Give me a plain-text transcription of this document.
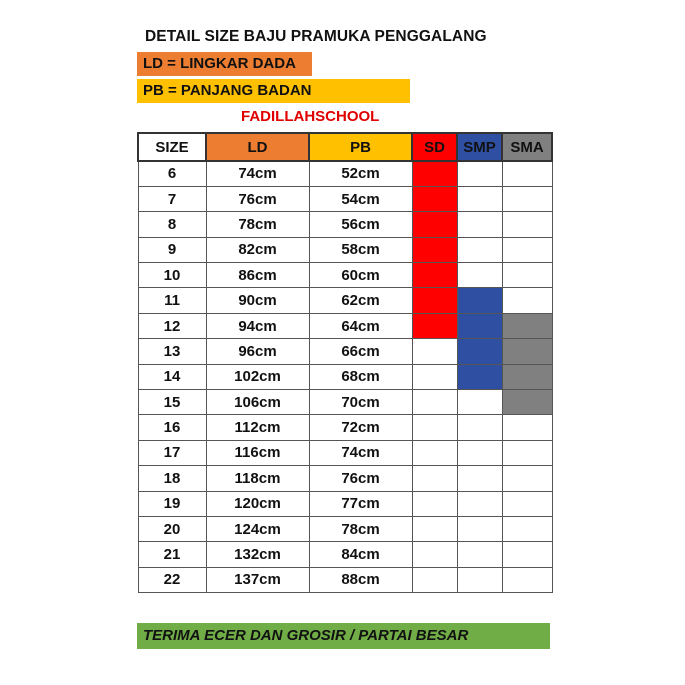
DETAIL SIZE BAJU PRAMUKA PENGGALANG
LD = LINGKAR DADA
PB = PANJANG BADAN
FADILLAHSCHOOL
SIZE	LD	PB	SD	SMP	SMA
6	74cm	52cm			
7	76cm	54cm			
8	78cm	56cm			
9	82cm	58cm			
10	86cm	60cm			
11	90cm	62cm			
12	94cm	64cm			
13	96cm	66cm			
14	102cm	68cm			
15	106cm	70cm			
16	112cm	72cm			
17	116cm	74cm			
18	118cm	76cm			
19	120cm	77cm			
20	124cm	78cm			
21	132cm	84cm			
22	137cm	88cm			
TERIMA ECER DAN GROSIR / PARTAI BESAR
